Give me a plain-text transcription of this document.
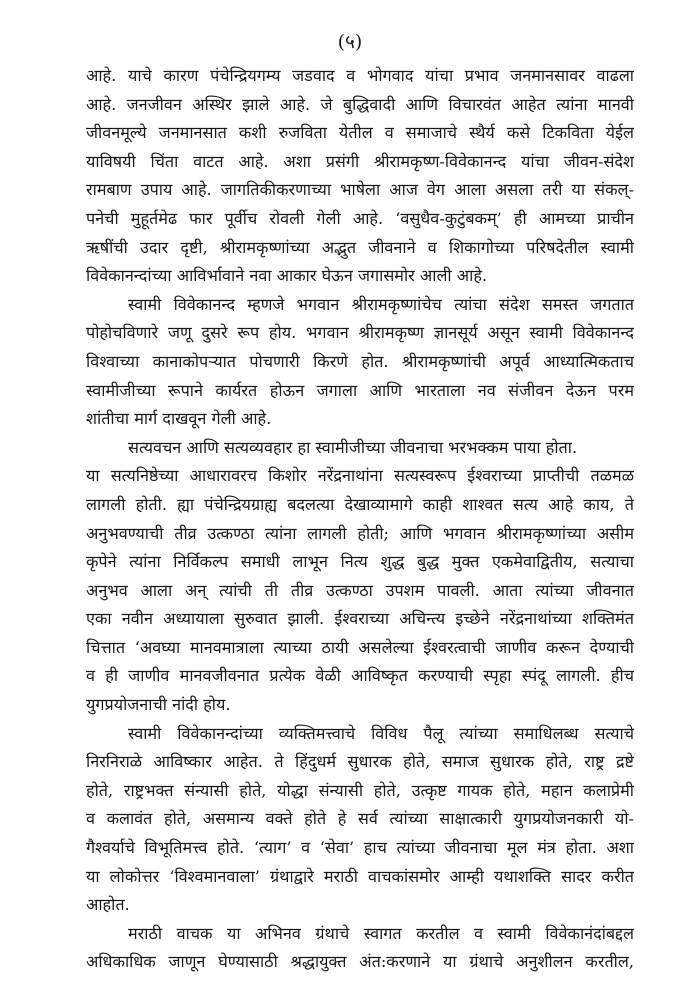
(५)

आहे. याचे कारण पंचेन्द्रियगम्य जडवाद व भोगवाद यांचा प्रभाव जनमानसावर वाढला
आहे. जनजीवन अस्थिर झाले आहे. जे बुद्धिवादी आणि विचारवंत आहेत त्यांना मानवी
जीवनमूल्ये जनमानसात कशी रुजविता येतील व समाजाचे स्थैर्य कसे टिकविता येईल
याविषयी चिंता वाटत आहे. अशा प्रसंगी श्रीरामकृष्ण-विवेकानन्द यांचा जीवन-संदेश
रामबाण उपाय आहे. जागतिकीकरणाच्या भाषेला आज वेग आला असला तरी या संकल्-
पनेची मुहूर्तमेढ फार पूर्वीच रोवली गेली आहे. ‘वसुधैव-कुटुंबकम्’ ही आमच्या प्राचीन
ऋषींची उदार दृष्टी, श्रीरामकृष्णांच्या अद्भुत जीवनाने व शिकागोच्या परिषदेतील स्वामी
विवेकानन्दांच्या आविर्भावाने नवा आकार घेऊन जगासमोर आली आहे.

स्वामी विवेकानन्द म्हणजे भगवान श्रीरामकृष्णांचेच त्यांचा संदेश समस्त जगतात
पोहोचविणारे जणू दुसरे रूप होय. भगवान श्रीरामकृष्ण ज्ञानसूर्य असून स्वामी विवेकानन्द
विश्वाच्या कानाकोपऱ्यात पोचणारी किरणे होत. श्रीरामकृष्णांची अपूर्व आध्यात्मिकताच
स्वामीजीच्या रूपाने कार्यरत होऊन जगाला आणि भारताला नव संजीवन देऊन परम
शांतीचा मार्ग दाखवून गेली आहे.

सत्यवचन आणि सत्यव्यवहार हा स्वामीजीच्या जीवनाचा भरभक्कम पाया होता.
या सत्यनिष्ठेच्या आधारावरच किशोर नरेंद्रनाथांना सत्यस्वरूप ईश्वराच्या प्राप्तीची तळमळ
लागली होती. ह्या पंचेन्द्रियग्राह्य बदलत्या देखाव्यामागे काही शाश्वत सत्य आहे काय, ते
अनुभवण्याची तीव्र उत्कण्ठा त्यांना लागली होती; आणि भगवान श्रीरामकृष्णांच्या असीम
कृपेने त्यांना निर्विकल्प समाधी लाभून नित्य शुद्ध बुद्ध मुक्त एकमेवाद्वितीय, सत्याचा
अनुभव आला अन् त्यांची ती तीव्र उत्कण्ठा उपशम पावली. आता त्यांच्या जीवनात
एका नवीन अध्यायाला सुरुवात झाली. ईश्वराच्या अचिन्त्य इच्छेने नरेंद्रनाथांच्या शक्तिमंत
चित्तात ‘अवघ्या मानवमात्राला त्याच्या ठायी असलेल्या ईश्वरत्वाची जाणीव करून देण्याची
व ही जाणीव मानवजीवनात प्रत्येक वेळी आविष्कृत करण्याची स्पृहा स्पंदू लागली. हीच
युगप्रयोजनाची नांदी होय.

स्वामी विवेकानन्दांच्या व्यक्तिमत्त्वाचे विविध पैलू त्यांच्या समाधिलब्ध सत्याचे
निरनिराळे आविष्कार आहेत. ते हिंदुधर्म सुधारक होते, समाज सुधारक होते, राष्ट्र द्रष्टे
होते, राष्ट्रभक्त संन्यासी होते, योद्धा संन्यासी होते, उत्कृष्ट गायक होते, महान कलाप्रेमी
व कलावंत होते, असमान्य वक्ते होते हे सर्व त्यांच्या साक्षात्कारी युगप्रयोजनकारी यो-
गैश्वर्याचे विभूतिमत्त्व होते. ‘त्याग’ व ‘सेवा’ हाच त्यांच्या जीवनाचा मूल मंत्र होता. अशा
या लोकोत्तर ‘विश्वमानवाला’ ग्रंथाद्वारे मराठी वाचकांसमोर आम्ही यथाशक्ति सादर करीत
आहोत.

मराठी वाचक या अभिनव ग्रंथाचे स्वागत करतील व स्वामी विवेकानंदांबद्दल
अधिकाधिक जाणून घेण्यासाठी श्रद्धायुक्त अंत:करणाने या ग्रंथाचे अनुशीलन करतील,
